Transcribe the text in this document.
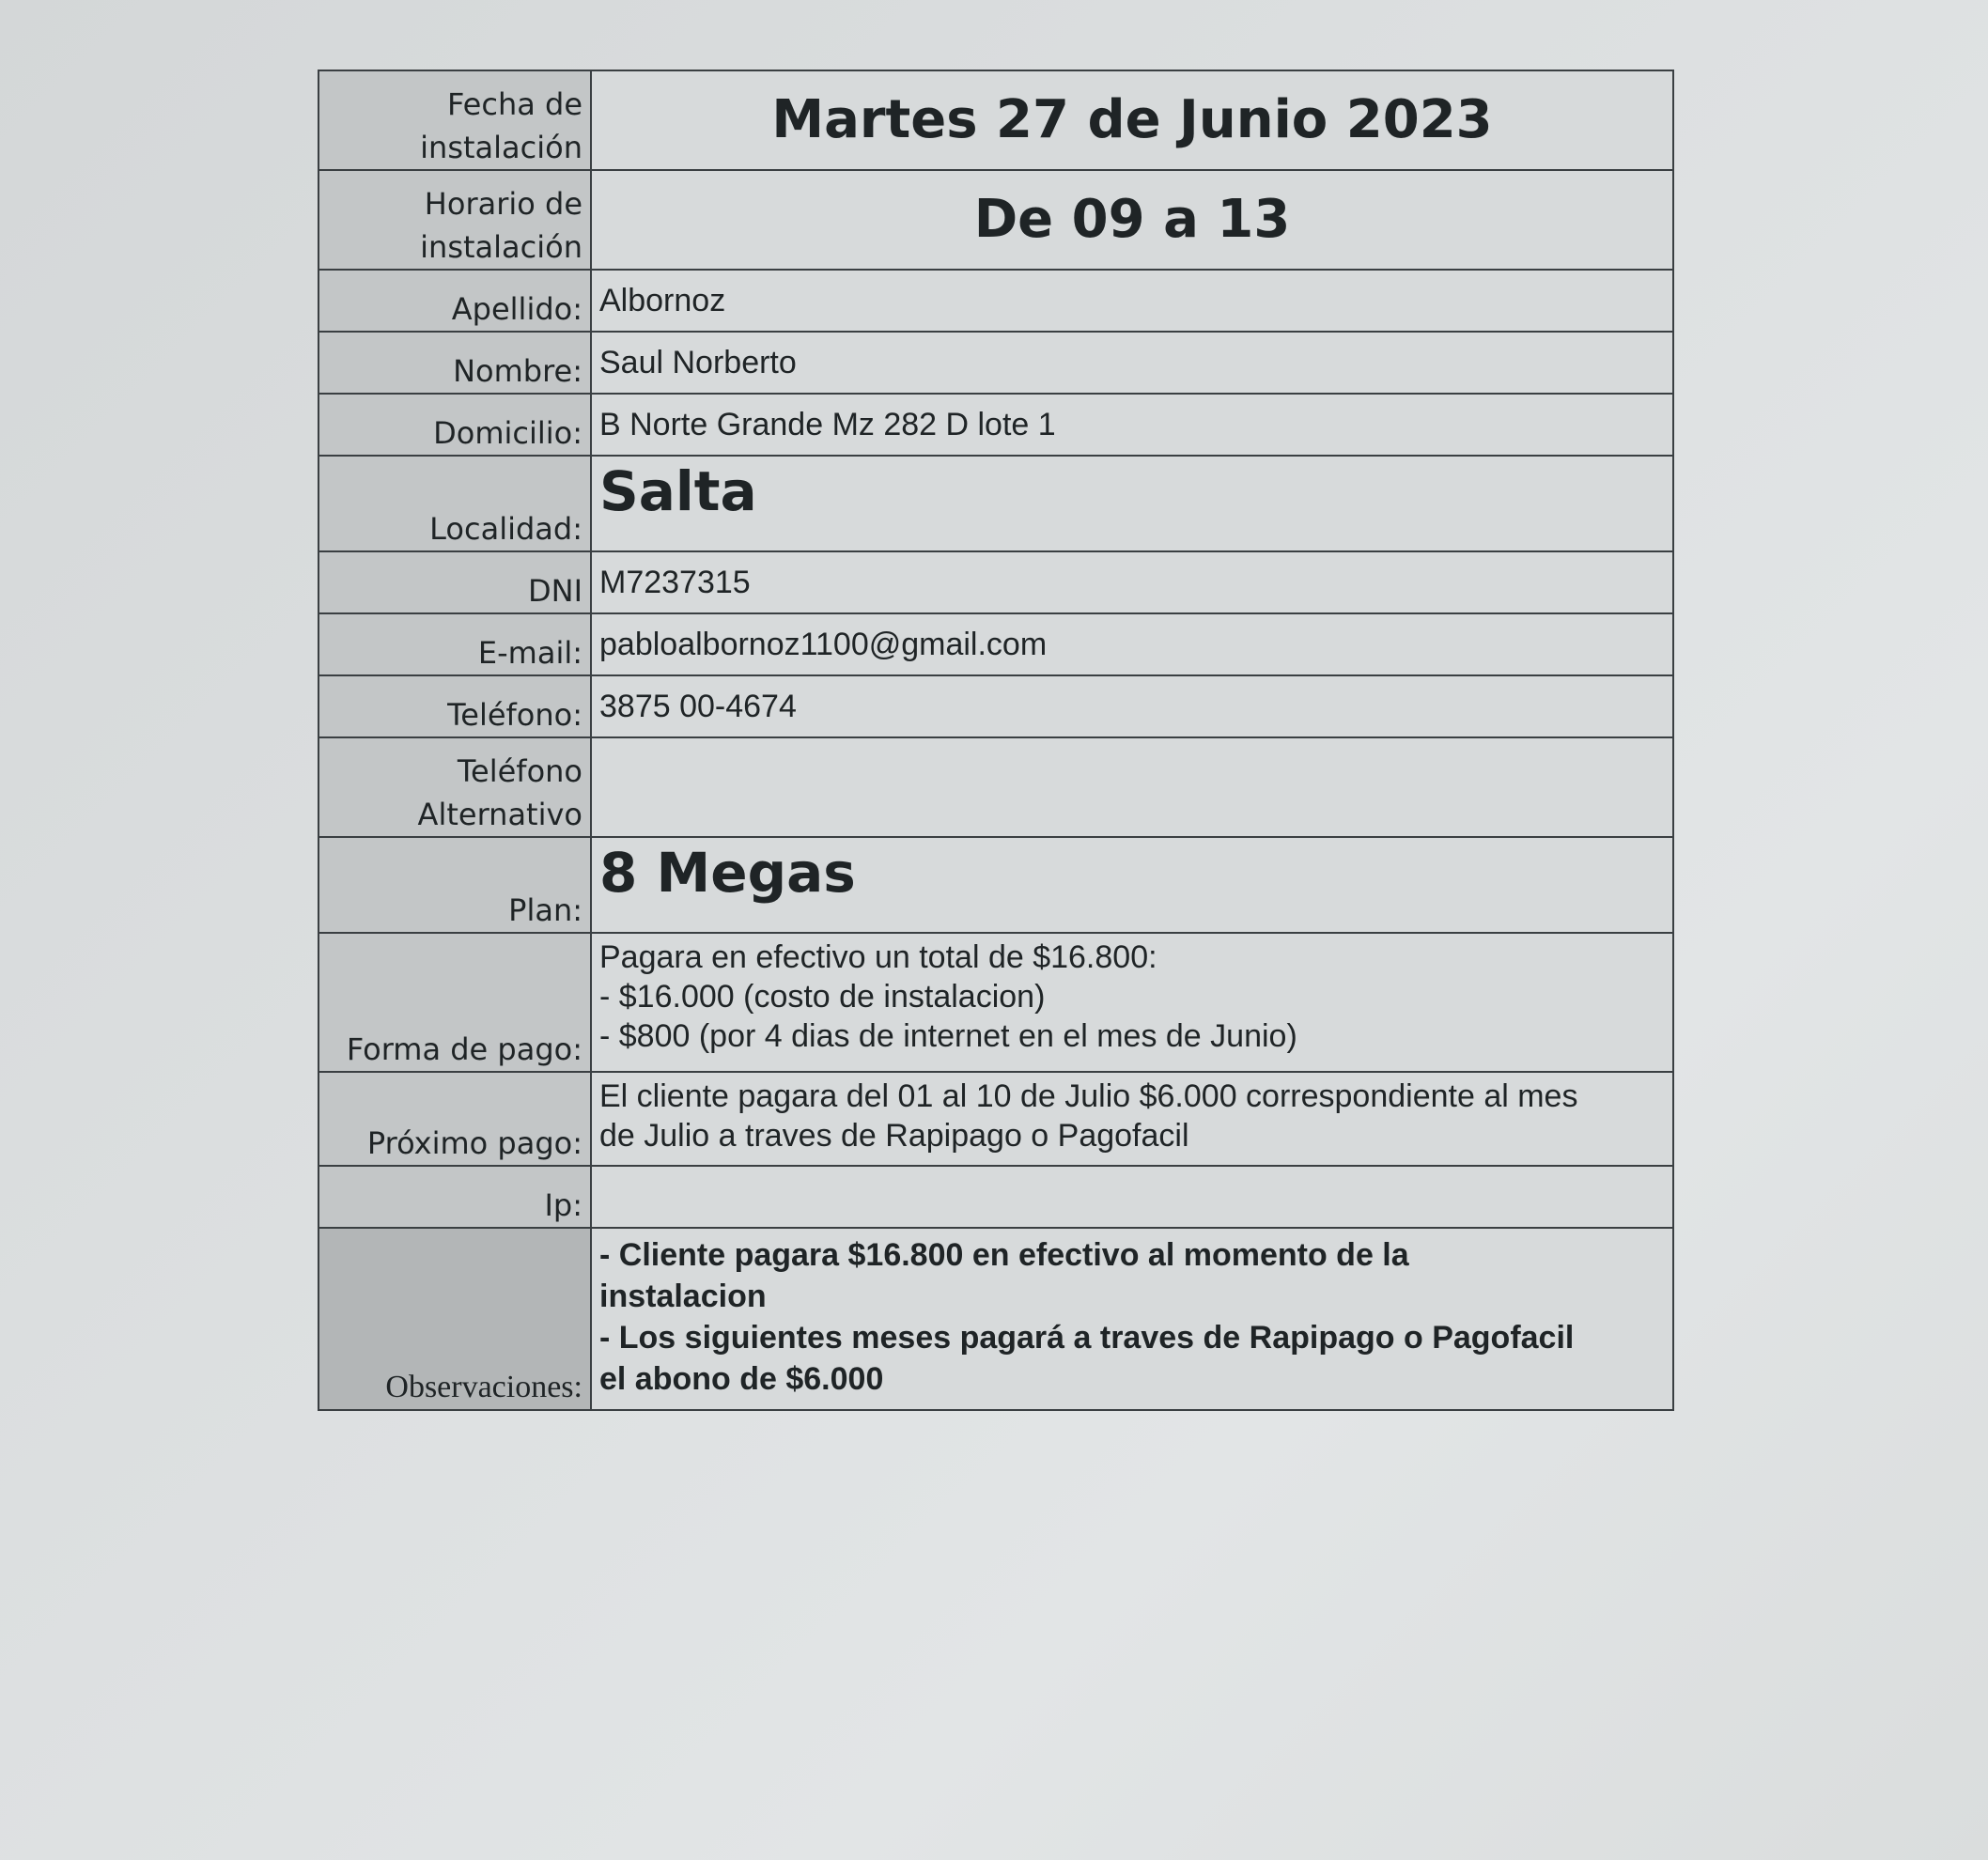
Fecha de
instalación	Martes 27 de Junio 2023

Horario de
instalación	De 09 a 13
Apellido:	Albornoz
Nombre:	Saul Norberto
Domicilio:	B Norte Grande Mz 282 D lote 1
Localidad:	Salta
DNI	M7237315
E-mail:	pabloalbornoz1100@gmail.com
Teléfono:	3875 00-4674

Teléfono
Alternativo	

Plan:	8 Megas
Forma de pago:	Pagara en efectivo un total de $16.800:
- $16.000 (costo de instalacion)
- $800 (por 4 dias de internet en el mes de Junio)

Próximo pago:	El cliente pagara del 01 al 10 de Julio $6.000 correspondiente al mes
de Julio a traves de Rapipago o Pagofacil

Ip:	
Observaciones:	- Cliente pagara $16.800 en efectivo al momento de la
instalacion
- Los siguientes meses pagará a traves de Rapipago o Pagofacil
el abono de $6.000
